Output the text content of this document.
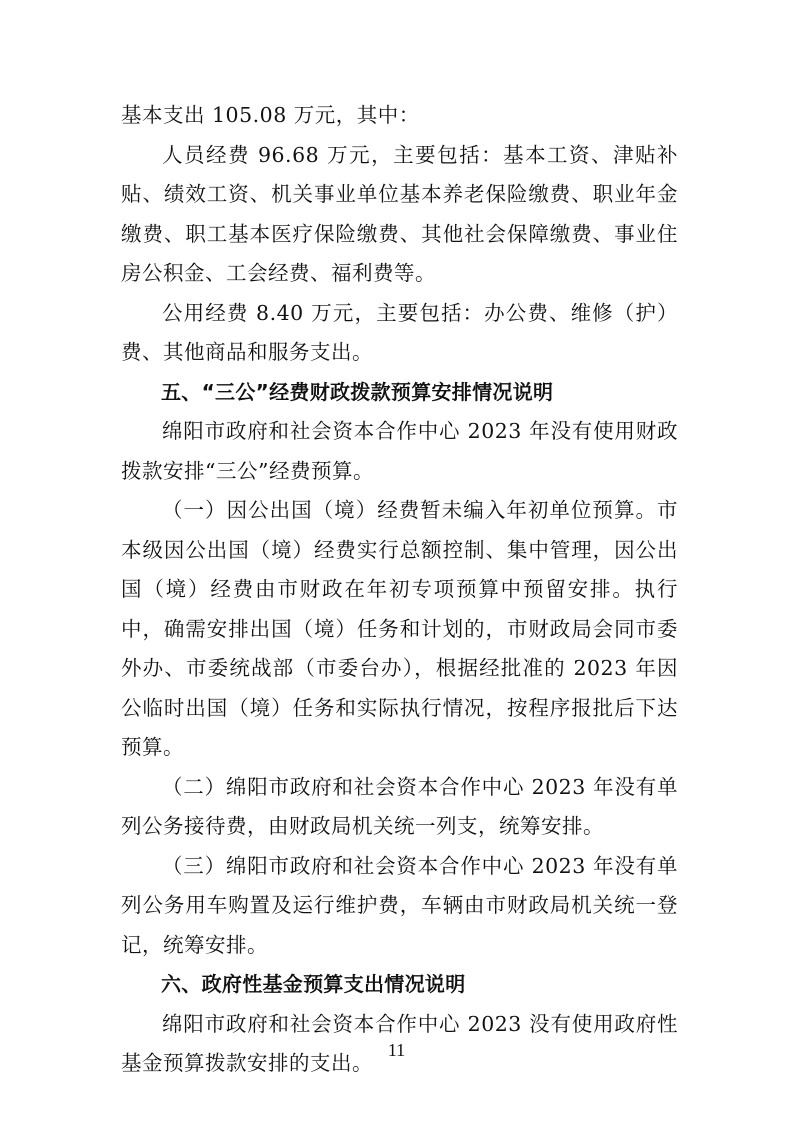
基本支出 105.08 万元，其中：

人员经费 96.68 万元，主要包括：基本工资、津贴补贴、绩效工资、机关事业单位基本养老保险缴费、职业年金缴费、职工基本医疗保险缴费、其他社会保障缴费、事业住房公积金、工会经费、福利费等。

公用经费 8.40 万元，主要包括：办公费、维修（护）费、其他商品和服务支出。

五、“三公”经费财政拨款预算安排情况说明

绵阳市政府和社会资本合作中心 2023 年没有使用财政拨款安排“三公”经费预算。

（一）因公出国（境）经费暂未编入年初单位预算。市本级因公出国（境）经费实行总额控制、集中管理，因公出国（境）经费由市财政在年初专项预算中预留安排。执行中，确需安排出国（境）任务和计划的，市财政局会同市委外办、市委统战部（市委台办），根据经批准的 2023 年因公临时出国（境）任务和实际执行情况，按程序报批后下达预算。

（二）绵阳市政府和社会资本合作中心 2023 年没有单列公务接待费，由财政局机关统一列支，统筹安排。

（三）绵阳市政府和社会资本合作中心 2023 年没有单列公务用车购置及运行维护费，车辆由市财政局机关统一登记，统筹安排。

六、政府性基金预算支出情况说明

绵阳市政府和社会资本合作中心 2023 没有使用政府性基金预算拨款安排的支出。

11
